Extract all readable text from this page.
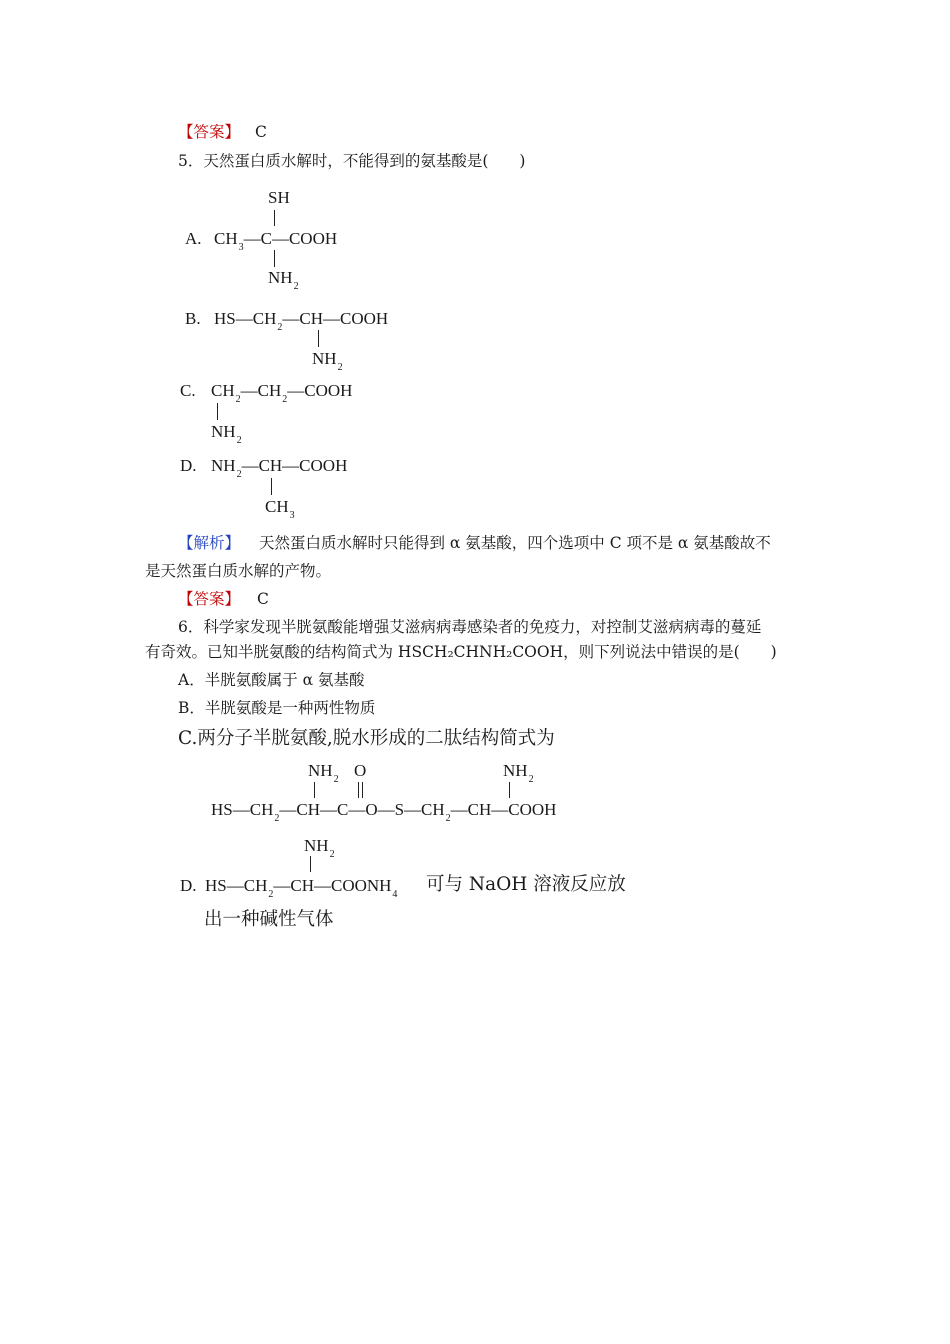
【答案】 C
5．天然蛋白质水解时，不能得到的氨基酸是(　　)
A.
SH
$CH_3—C—COOH$
$NH_2$
B. $HS—CH_2—CH—COOH$
$NH_2$
C. $CH_2—CH_2—COOH$
$NH_2$
D. $NH_2—CH—COOH$
$CH_3$
【解析】 天然蛋白质水解时只能得到 α 氨基酸，四个选项中 C 项不是 α 氨基酸故不
是天然蛋白质水解的产物。
【答案】 C
6．科学家发现半胱氨酸能增强艾滋病病毒感染者的免疫力，对控制艾滋病病毒的蔓延
有奇效。已知半胱氨酸的结构简式为 HSCH₂CHNH₂COOH，则下列说法中错误的是(　　)
A．半胱氨酸属于 α 氨基酸
B．半胱氨酸是一种两性物质
C.两分子半胱氨酸,脱水形成的二肽结构简式为
$NH_2$ O	$NH_2$
$HS—CH_2—CH—C—O—S—CH_2—CH—COOH$
$NH_2$
D. $HS—CH_2—CH—COONH_4$ 可与 NaOH 溶液反应放
出一种碱性气体
